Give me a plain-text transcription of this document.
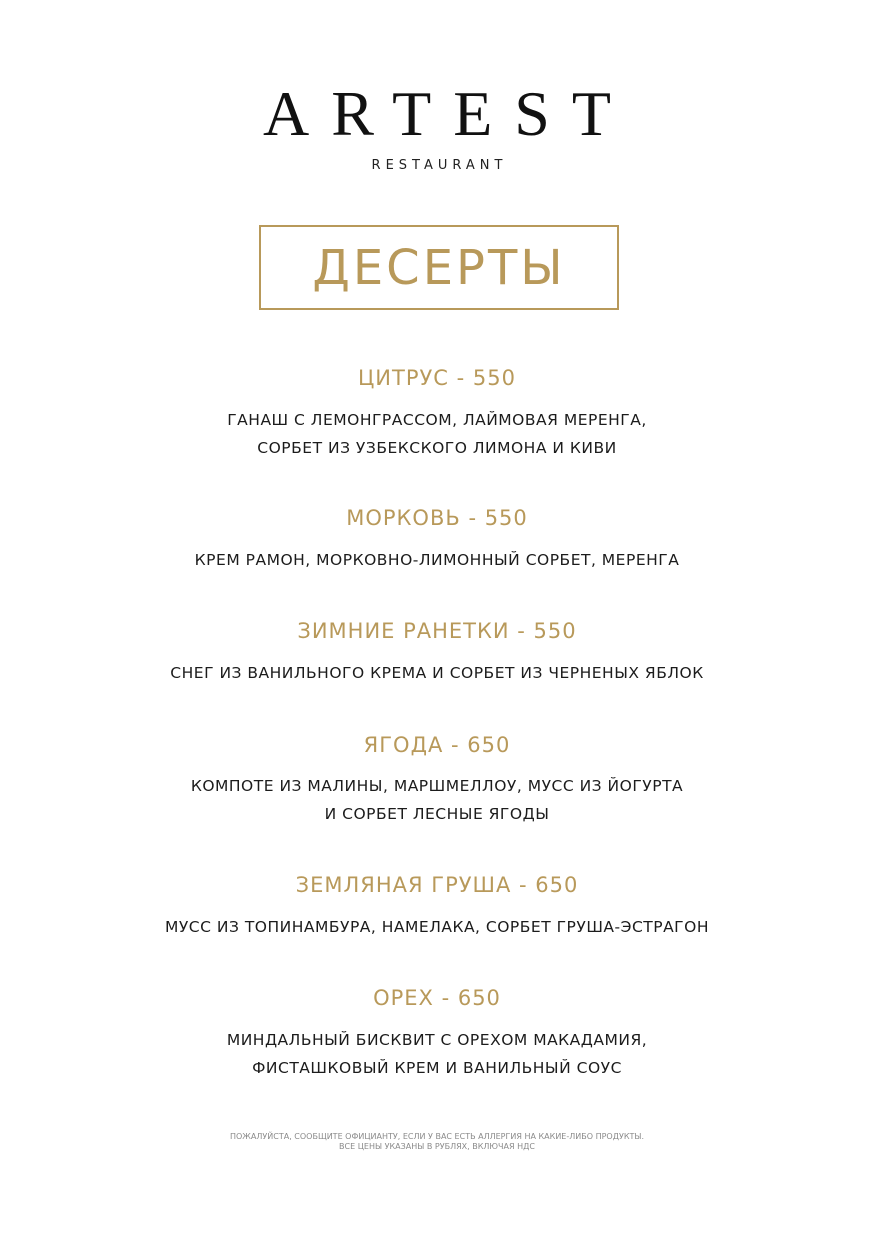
ARTEST
RESTAURANT
ДЕСЕРТЫ
ЦИТРУС - 550
ГАНАШ С ЛЕМОНГРАССОМ, ЛАЙМОВАЯ МЕРЕНГА,
СОРБЕТ ИЗ УЗБЕКСКОГО ЛИМОНА И КИВИ
МОРКОВЬ - 550
КРЕМ РАМОН, МОРКОВНО-ЛИМОННЫЙ СОРБЕТ, МЕРЕНГА
ЗИМНИЕ РАНЕТКИ - 550
СНЕГ ИЗ ВАНИЛЬНОГО КРЕМА И СОРБЕТ ИЗ ЧЕРНЕНЫХ ЯБЛОК
ЯГОДА - 650
КОМПОТЕ ИЗ МАЛИНЫ, МАРШМЕЛЛОУ, МУСС ИЗ ЙОГУРТА
И СОРБЕТ ЛЕСНЫЕ ЯГОДЫ
ЗЕМЛЯНАЯ ГРУША - 650
МУСС ИЗ ТОПИНАМБУРА, НАМЕЛАКА, СОРБЕТ ГРУША-ЭСТРАГОН
ОРЕХ - 650
МИНДАЛЬНЫЙ БИСКВИТ С ОРЕХОМ МАКАДАМИЯ,
ФИСТАШКОВЫЙ КРЕМ И ВАНИЛЬНЫЙ СОУС
ПОЖАЛУЙСТА, СООБЩИТЕ ОФИЦИАНТУ, ЕСЛИ У ВАС ЕСТЬ АЛЛЕРГИЯ НА КАКИЕ-ЛИБО ПРОДУКТЫ.
ВСЕ ЦЕНЫ УКАЗАНЫ В РУБЛЯХ, ВКЛЮЧАЯ НДС
